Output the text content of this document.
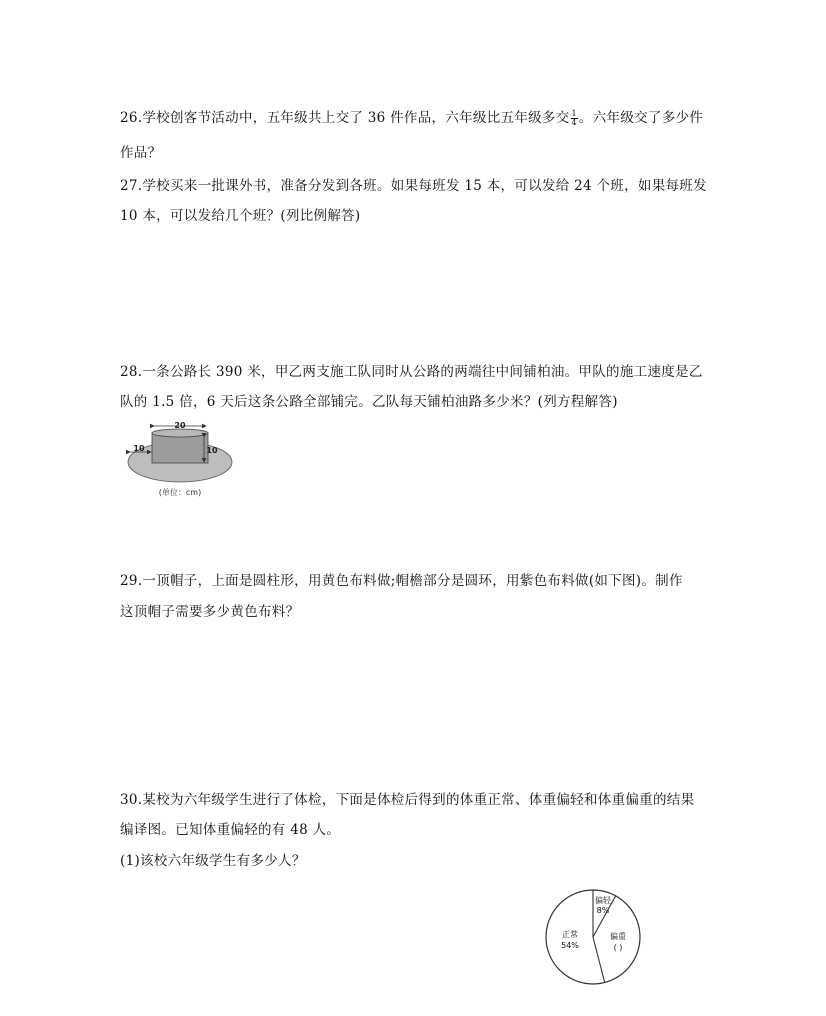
26.学校创客节活动中，五年级共上交了 36 件作品，六年级比五年级多交 $\frac{1}{4}$ 。六年级交了多少件
作品？
27.学校买来一批课外书，准备分发到各班。如果每班发 15 本，可以发给 24 个班，如果每班发
10 本，可以发给几个班？(列比例解答)
28.一条公路长 390 米，甲乙两支施工队同时从公路的两端往中间铺柏油。甲队的施工速度是乙
队的 1.5 倍，6 天后这条公路全部铺完。乙队每天铺柏油路多少米？(列方程解答)
20
10	10
(单位：cm)
29.一顶帽子，上面是圆柱形，用黄色布料做;帽檐部分是圆环，用紫色布料做(如下图)。制作
这顶帽子需要多少黄色布料？
30.某校为六年级学生进行了体检，下面是体检后得到的体重正常、体重偏轻和体重偏重的结果
编译图。已知体重偏轻的有 48 人。
(1)该校六年级学生有多少人？
偏轻
8%
偏重
( )
正常
54%
